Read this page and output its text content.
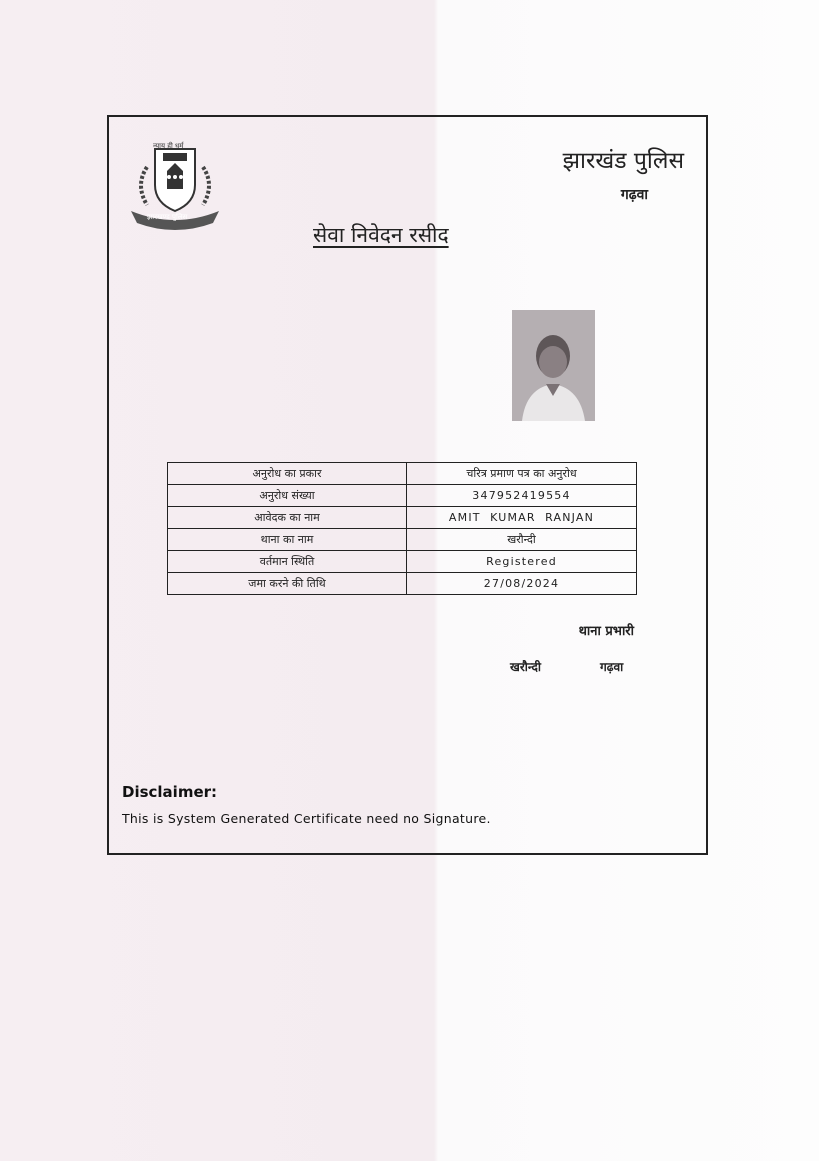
न्याय ही धर्म
झारखण्ड पुलिस
झारखंड पुलिस
गढ़वा
सेवा निवेदन रसीद
अनुरोध का प्रकार	चरित्र प्रमाण पत्र का अनुरोध
अनुरोध संख्या	347952419554
आवेदक का नाम	AMIT  KUMAR  RANJAN
थाना का नाम	खरौन्दी
वर्तमान स्थिति	Registered
जमा करने की तिथि	27/08/2024
थाना प्रभारी
खरौन्दी	गढ़वा
Disclaimer:
This is System Generated Certificate need no Signature.
